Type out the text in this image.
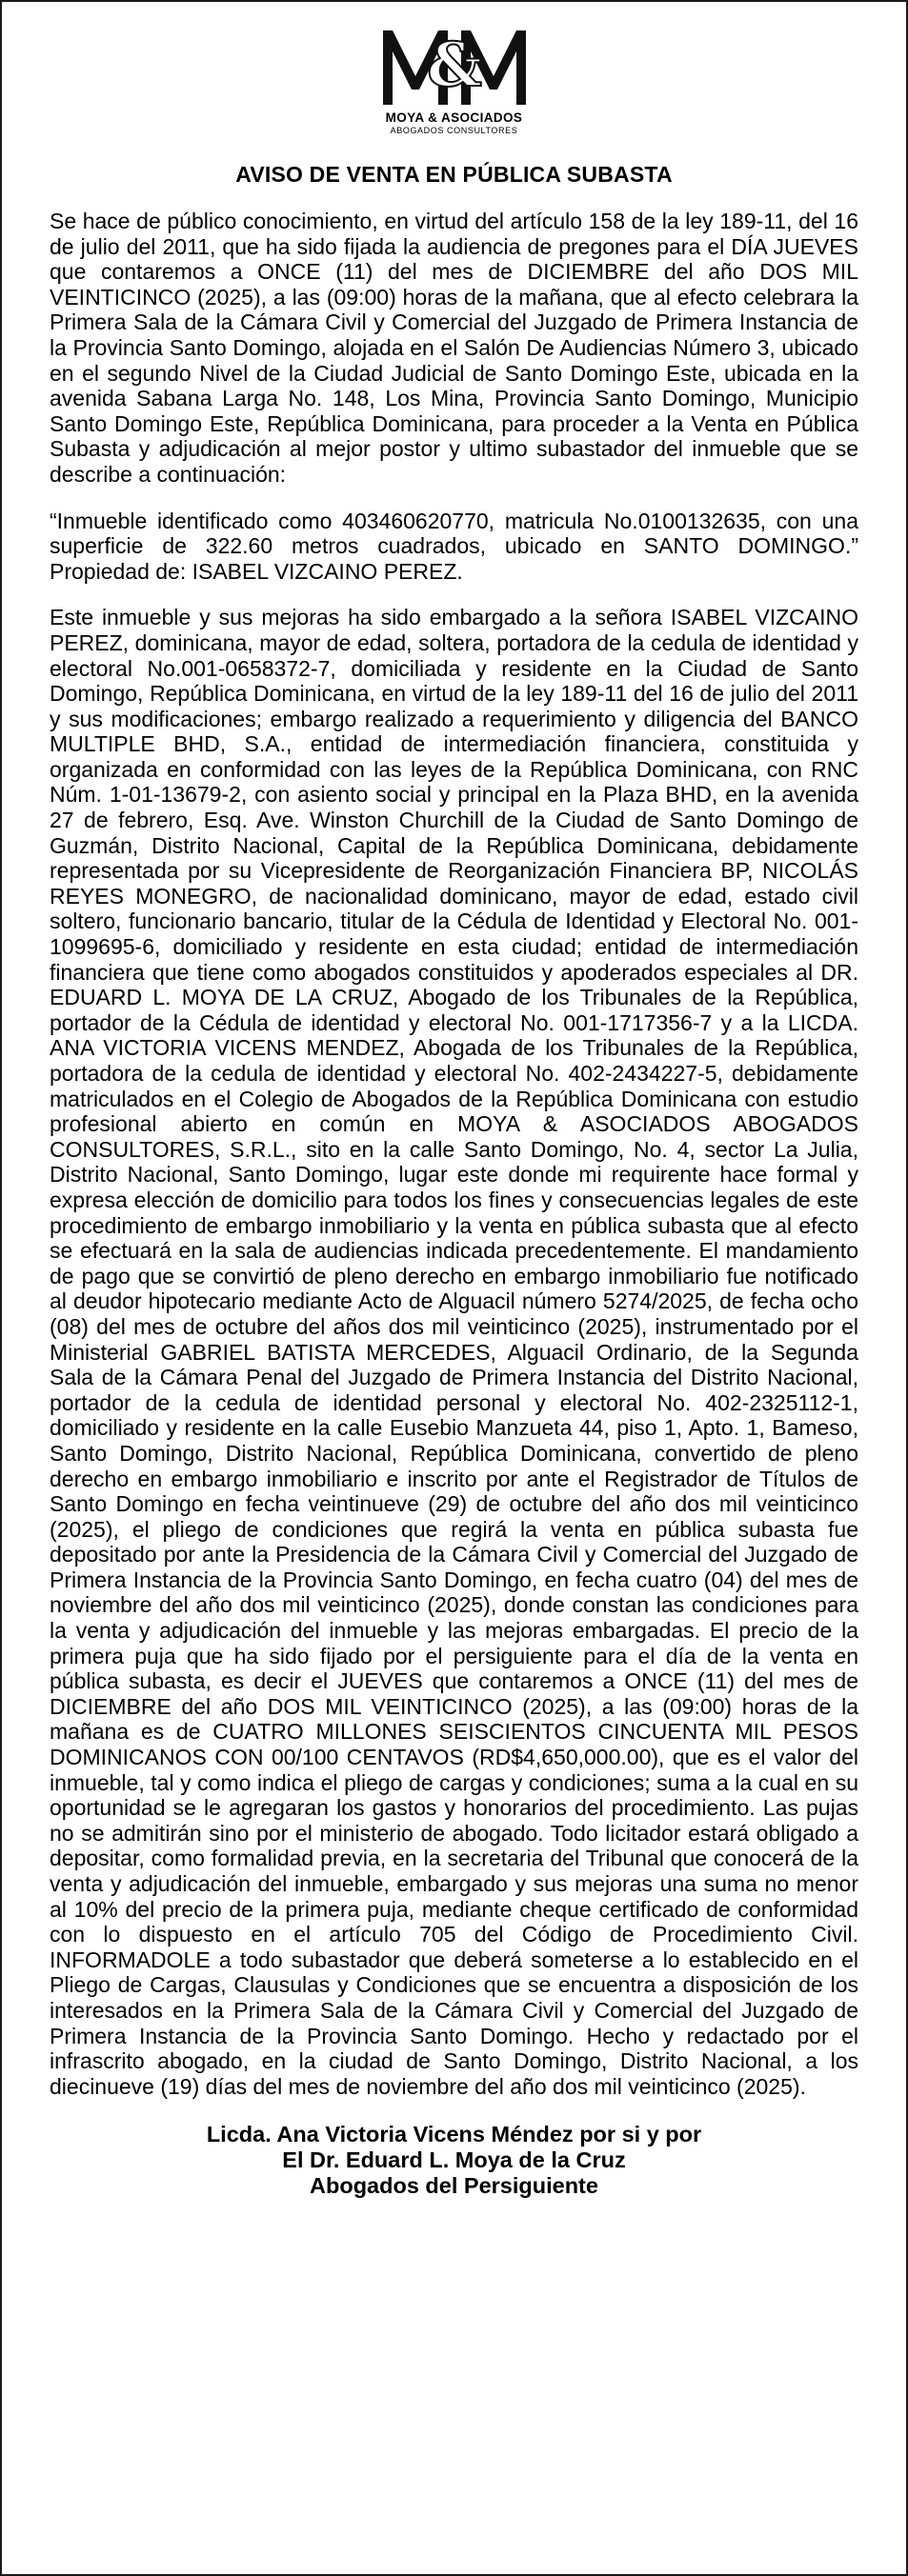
&
MOYA & ASOCIADOS
ABOGADOS CONSULTORES
AVISO DE VENTA EN PÚBLICA SUBASTA

Se hace de público conocimiento, en virtud del artículo 158 de la ley 189-11, del 16 de julio del 2011, que ha sido fijada la audiencia de pregones para el DÍA JUEVES que contaremos a ONCE (11) del mes de DICIEMBRE del año DOS MIL VEINTICINCO (2025), a las (09:00) horas de la mañana, que al efecto celebrara la Primera Sala de la Cámara Civil y Comercial del Juzgado de Primera Instancia de la Provincia Santo Domingo, alojada en el Salón De Audiencias Número 3, ubicado en el segundo Nivel de la Ciudad Judicial de Santo Domingo Este, ubicada en la avenida Sabana Larga No. 148, Los Mina, Provincia Santo Domingo, Municipio Santo Domingo Este, República Dominicana, para proceder a la Venta en Pública Subasta y adjudicación al mejor postor y ultimo subastador del inmueble que se describe a continuación:

“Inmueble identificado como 403460620770, matricula No.0100132635, con una superficie de 322.60 metros cuadrados, ubicado en SANTO DOMINGO.” Propiedad de: ISABEL VIZCAINO PEREZ.

Este inmueble y sus mejoras ha sido embargado a la señora ISABEL VIZCAINO PEREZ, dominicana, mayor de edad, soltera, portadora de la cedula de identidad y electoral No.001-0658372-7, domiciliada y residente en la Ciudad de Santo Domingo, República Dominicana, en virtud de la ley 189-11 del 16 de julio del 2011 y sus modificaciones; embargo realizado a requerimiento y diligencia del BANCO MULTIPLE BHD, S.A., entidad de intermediación financiera, constituida y organizada en conformidad con las leyes de la República Dominicana, con RNC Núm. 1-01-13679-2, con asiento social y principal en la Plaza BHD, en la avenida 27 de febrero, Esq. Ave. Winston Churchill de la Ciudad de Santo Domingo de Guzmán, Distrito Nacional, Capital de la República Dominicana, debidamente representada por su Vicepresidente de Reorganización Financiera BP, NICOLÁS REYES MONEGRO, de nacionalidad dominicano, mayor de edad, estado civil soltero, funcionario bancario, titular de la Cédula de Identidad y Electoral No. 001-1099695-6, domiciliado y residente en esta ciudad; entidad de intermediación financiera que tiene como abogados constituidos y apoderados especiales al DR. EDUARD L. MOYA DE LA CRUZ, Abogado de los Tribunales de la República, portador de la Cédula de identidad y electoral No. 001-1717356-7 y a la LICDA. ANA VICTORIA VICENS MENDEZ, Abogada de los Tribunales de la República, portadora de la cedula de identidad y electoral No. 402-2434227-5, debidamente matriculados en el Colegio de Abogados de la República Dominicana con estudio profesional abierto en común en MOYA & ASOCIADOS ABOGADOS CONSULTORES, S.R.L., sito en la calle Santo Domingo, No. 4, sector La Julia, Distrito Nacional, Santo Domingo, lugar este donde mi requirente hace formal y expresa elección de domicilio para todos los fines y consecuencias legales de este procedimiento de embargo inmobiliario y la venta en pública subasta que al efecto se efectuará en la sala de audiencias indicada precedentemente. El mandamiento de pago que se convirtió de pleno derecho en embargo inmobiliario fue notificado al deudor hipotecario mediante Acto de Alguacil número 5274/2025, de fecha ocho (08) del mes de octubre del años dos mil veinticinco (2025), instrumentado por el Ministerial GABRIEL BATISTA MERCEDES, Alguacil Ordinario, de la Segunda Sala de la Cámara Penal del Juzgado de Primera Instancia del Distrito Nacional, portador de la cedula de identidad personal y electoral No. 402-2325112-1, domiciliado y residente en la calle Eusebio Manzueta 44, piso 1, Apto. 1, Bameso, Santo Domingo, Distrito Nacional, República Dominicana, convertido de pleno derecho en embargo inmobiliario e inscrito por ante el Registrador de Títulos de Santo Domingo en fecha veintinueve (29) de octubre del año dos mil veinticinco (2025), el pliego de condiciones que regirá la venta en pública subasta fue depositado por ante la Presidencia de la Cámara Civil y Comercial del Juzgado de Primera Instancia de la Provincia Santo Domingo, en fecha cuatro (04) del mes de noviembre del año dos mil veinticinco (2025), donde constan las condiciones para la venta y adjudicación del inmueble y las mejoras embargadas. El precio de la primera puja que ha sido fijado por el persiguiente para el día de la venta en pública subasta, es decir el JUEVES que contaremos a ONCE (11) del mes de DICIEMBRE del año DOS MIL VEINTICINCO (2025), a las (09:00) horas de la mañana es de CUATRO MILLONES SEISCIENTOS CINCUENTA MIL PESOS DOMINICANOS CON 00/100 CENTAVOS (RD$4,650,000.00), que es el valor del inmueble, tal y como indica el pliego de cargas y condiciones; suma a la cual en su oportunidad se le agregaran los gastos y honorarios del procedimiento. Las pujas no se admitirán sino por el ministerio de abogado. Todo licitador estará obligado a depositar, como formalidad previa, en la secretaria del Tribunal que conocerá de la venta y adjudicación del inmueble, embargado y sus mejoras una suma no menor al 10% del precio de la primera puja, mediante cheque certificado de conformidad con lo dispuesto en el artículo 705 del Código de Procedimiento Civil. INFORMADOLE a todo subastador que deberá someterse a lo establecido en el Pliego de Cargas, Clausulas y Condiciones que se encuentra a disposición de los interesados en la Primera Sala de la Cámara Civil y Comercial del Juzgado de Primera Instancia de la Provincia Santo Domingo. Hecho y redactado por el infrascrito abogado, en la ciudad de Santo Domingo, Distrito Nacional, a los diecinueve (19) días del mes de noviembre del año dos mil veinticinco (2025).

Licda. Ana Victoria Vicens Méndez por si y por
El Dr. Eduard L. Moya de la Cruz
Abogados del Persiguiente
